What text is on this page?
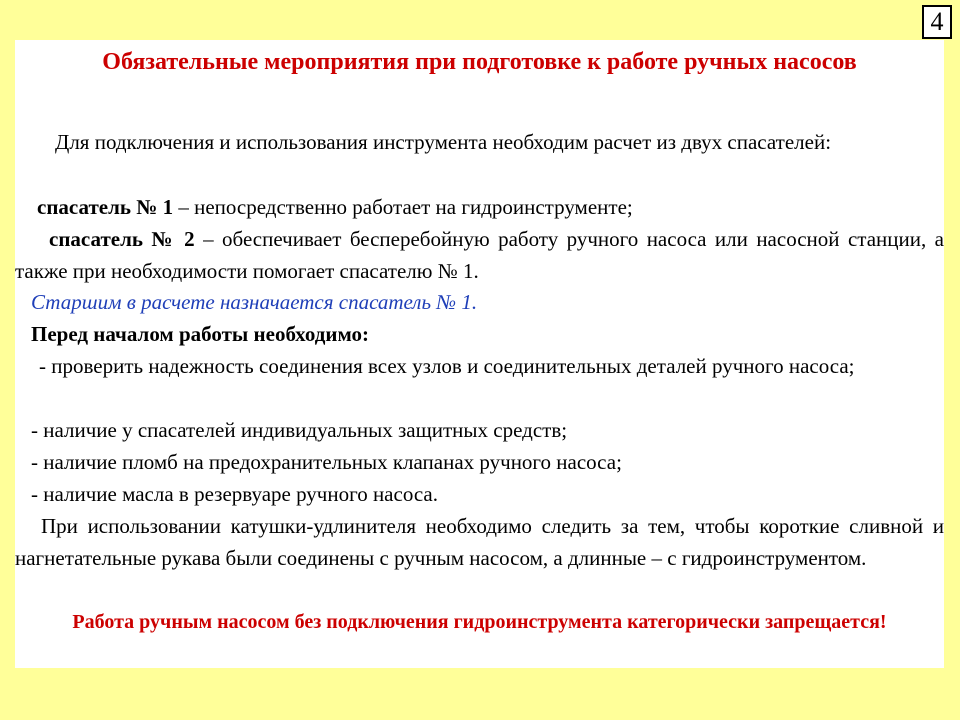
4
Обязательные мероприятия при подготовке к работе ручных насосов

Для подключения и использования инструмента необходим расчет из двух спасателей:

спасатель № 1 – непосредственно работает на гидроинструменте;

спасатель № 2 – обеспечивает бесперебойную работу ручного насоса или насосной станции, а также при необходимости помогает спасателю № 1.

Старшим в расчете назначается спасатель № 1.

Перед началом работы необходимо:

- проверить надежность соединения всех узлов и соединительных деталей ручного насоса;

- наличие у спасателей индивидуальных защитных средств;

- наличие пломб на предохранительных клапанах ручного насоса;

- наличие масла в резервуаре ручного насоса.

При использовании катушки-удлинителя необходимо следить за тем, чтобы короткие сливной и нагнетательные рукава были соединены с ручным насосом, а длинные – с гидроинструментом.

Работа ручным насосом без подключения гидроинструмента категорически запрещается!
